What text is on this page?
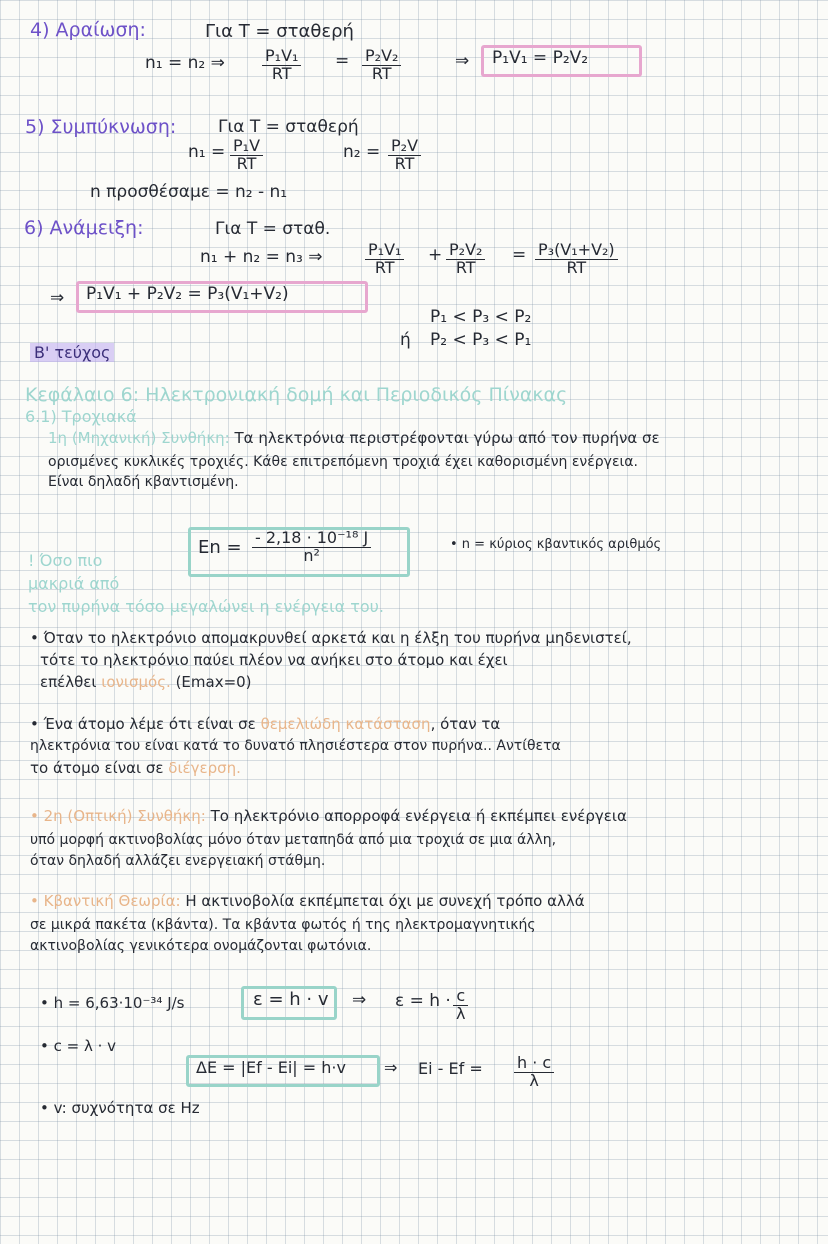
4) Αραίωση:	Για T = σταθερή
n₁ = n₂ ⇒ $\frac{\text{P₁V₁}}{RT} = \frac{\text{P₂V₂}}{RT}$	⇒ P₁V₁ = P₂V₂
5) Συμπύκνωση: Για T = σταθερή
$n_1 = \frac{\text{P₁V}}{RT}$	$n_2 = \frac{\text{P₂V}}{RT}$
n προσθέσαμε = n₂ - n₁
6) Ανάμειξη:	Για T = σταθ.
n₁ + n₂ = n₃ ⇒	$\frac{\text{P₁V₁}}{RT} + \frac{\text{P₂V₂}}{RT} = \frac{\text{P₃(V₁+V₂)}}{RT}$
⇒ P₁V₁ + P₂V₂ = P₃(V₁+V₂)
P₁ < P₃ < P₂
ή P₂ < P₃ < P₁
Β' τεύχος
Κεφάλαιο 6: Ηλεκτρονιακή δομή και Περιοδικός Πίνακας
6.1) Τροχιακά
1η (Μηχανική) Συνθήκη: Τα ηλεκτρόνια περιστρέφονται γύρω από τον πυρήνα σε
ορισμένες κυκλικές τροχιές. Κάθε επιτρεπόμενη τροχιά έχει καθορισμένη ενέργεια.
Είναι δηλαδή κβαντισμένη.
$En = \frac{\text{- 2,18 · 10⁻¹⁸ J}}{\text{n²}}$	• n = κύριος κβαντικός αριθμός
! Όσο πιο
μακριά από
τον πυρήνα τόσο μεγαλώνει η ενέργεια του.
• Όταν το ηλεκτρόνιο απομακρυνθεί αρκετά και η έλξη του πυρήνα μηδενιστεί,
τότε το ηλεκτρόνιο παύει πλέον να ανήκει στο άτομο και έχει
επέλθει ιονισμός. (Emax=0)
• Ένα άτομο λέμε ότι είναι σε θεμελιώδη κατάσταση, όταν τα
ηλεκτρόνια του είναι κατά το δυνατό πλησιέστερα στον πυρήνα.. Αντίθετα
το άτομο είναι σε διέγερση.
• 2η (Οπτική) Συνθήκη: Το ηλεκτρόνιο απορροφά ενέργεια ή εκπέμπει ενέργεια
υπό μορφή ακτινοβολίας μόνο όταν μεταπηδά από μια τροχιά σε μια άλλη,
όταν δηλαδή αλλάζει ενεργειακή στάθμη.
• Κβαντική Θεωρία: Η ακτινοβολία εκπέμπεται όχι με συνεχή τρόπο αλλά
σε μικρά πακέτα (κβάντα). Τα κβάντα φωτός ή της ηλεκτρομαγνητικής
ακτινοβολίας γενικότερα ονομάζονται φωτόνια.
• h = 6,63·10⁻³⁴ J/s	ε = h · v ⇒ $\varepsilon = h \cdot \frac{c}{\lambda}$
• c = λ · v
ΔΕ = |Ef - Ei| = h·v ⇒ $Ei - Ef = \frac{h \cdot c}{\lambda}$
• v: συχνότητα σε Hz
